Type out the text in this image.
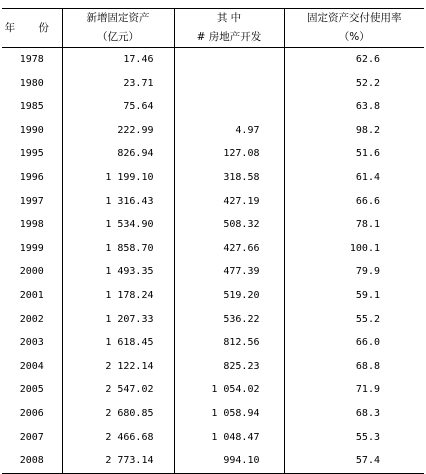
年 份	新增固定资产	其 中	固定资产交付使用率
	（亿元）	# 房地产开发	（%）
1978	17.46		62.6
1980	23.71		52.2
1985	75.64		63.8
1990	222.99	4.97	98.2
1995	826.94	127.08	51.6
1996	1 199.10	318.58	61.4
1997	1 316.43	427.19	66.6
1998	1 534.90	508.32	78.1
1999	1 858.70	427.66	100.1
2000	1 493.35	477.39	79.9
2001	1 178.24	519.20	59.1
2002	1 207.33	536.22	55.2
2003	1 618.45	812.56	66.0
2004	2 122.14	825.23	68.8
2005	2 547.02	1 054.02	71.9
2006	2 680.85	1 058.94	68.3
2007	2 466.68	1 048.47	55.3
2008	2 773.14	994.10	57.4
